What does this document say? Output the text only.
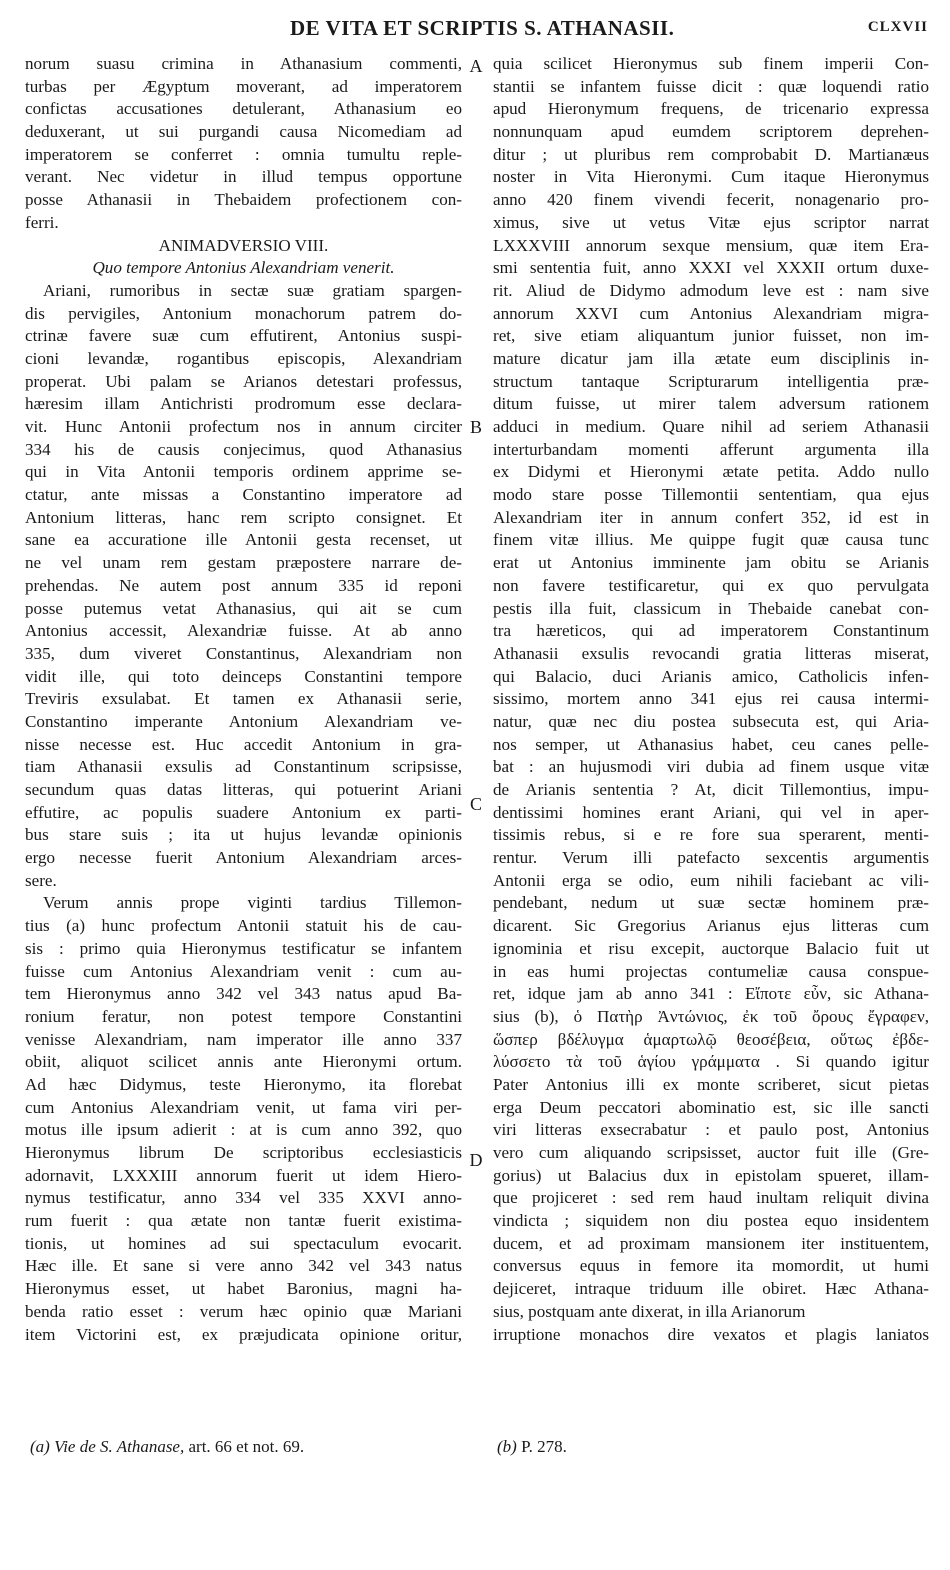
DE VITA ET SCRIPTIS S. ATHANASII.	CLXVII
norum suasu crimina in Athanasium commenti,
turbas per Ægyptum moverant, ad imperatorem
confictas accusationes detulerant, Athanasium eo
deduxerant, ut sui purgandi causa Nicomediam ad
imperatorem se conferret : omnia tumultu reple-
verant. Nec videtur in illud tempus opportune
posse Athanasii in Thebaidem profectionem con-
ferri.
ANIMADVERSIO VIII.
Quo tempore Antonius Alexandriam venerit.
Ariani, rumoribus in sectæ suæ gratiam spargen-
dis pervigiles, Antonium monachorum patrem do-
ctrinæ favere suæ cum effutirent, Antonius suspi-
cioni levandæ, rogantibus episcopis, Alexandriam
properat. Ubi palam se Arianos detestari professus,
hæresim illam Antichristi prodromum esse declara-
vit. Hunc Antonii profectum nos in annum circiter
334 his de causis conjecimus, quod Athanasius
qui in Vita Antonii temporis ordinem apprime se-
ctatur, ante missas a Constantino imperatore ad
Antonium litteras, hanc rem scripto consignet. Et
sane ea accuratione ille Antonii gesta recenset, ut
ne vel unam rem gestam præpostere narrare de-
prehendas. Ne autem post annum 335 id reponi
posse putemus vetat Athanasius, qui ait se cum
Antonius accessit, Alexandriæ fuisse. At ab anno
335, dum viveret Constantinus, Alexandriam non
vidit ille, qui toto deinceps Constantini tempore
Treviris exsulabat. Et tamen ex Athanasii serie,
Constantino imperante Antonium Alexandriam ve-
nisse necesse est. Huc accedit Antonium in gra-
tiam Athanasii exsulis ad Constantinum scripsisse,
secundum quas datas litteras, qui potuerint Ariani
effutire, ac populis suadere Antonium ex parti-
bus stare suis ; ita ut hujus levandæ opinionis
ergo necesse fuerit Antonium Alexandriam arces-
sere.
Verum annis prope viginti tardius Tillemon-
tius (a) hunc profectum Antonii statuit his de cau-
sis : primo quia Hieronymus testificatur se infantem
fuisse cum Antonius Alexandriam venit : cum au-
tem Hieronymus anno 342 vel 343 natus apud Ba-
ronium feratur, non potest tempore Constantini
venisse Alexandriam, nam imperator ille anno 337
obiit, aliquot scilicet annis ante Hieronymi ortum.
Ad hæc Didymus, teste Hieronymo, ita florebat
cum Antonius Alexandriam venit, ut fama viri per-
motus ille ipsum adierit : at is cum anno 392, quo
Hieronymus librum De scriptoribus ecclesiasticis
adornavit, LXXXIII annorum fuerit ut idem Hiero-
nymus testificatur, anno 334 vel 335 XXVI anno-
rum fuerit : qua ætate non tantæ fuerit existima-
tionis, ut homines ad sui spectaculum evocarit.
Hæc ille. Et sane si vere anno 342 vel 343 natus
Hieronymus esset, ut habet Baronius, magni ha-
benda ratio esset : verum hæc opinio quæ Mariani
item Victorini est, ex præjudicata opinione oritur,
quia scilicet Hieronymus sub finem imperii Con-
stantii se infantem fuisse dicit : quæ loquendi ratio
apud Hieronymum frequens, de tricenario expressa
nonnunquam apud eumdem scriptorem deprehen-
ditur ; ut pluribus rem comprobabit D. Martianæus
noster in Vita Hieronymi. Cum itaque Hieronymus
anno 420 finem vivendi fecerit, nonagenario pro-
ximus, sive ut vetus Vitæ ejus scriptor narrat
LXXXVIII annorum sexque mensium, quæ item Era-
smi sententia fuit, anno XXXI vel XXXII ortum duxe-
rit. Aliud de Didymo admodum leve est : nam sive
annorum XXVI cum Antonius Alexandriam migra-
ret, sive etiam aliquantum junior fuisset, non im-
mature dicatur jam illa ætate eum disciplinis in-
structum tantaque Scripturarum intelligentia præ-
ditum fuisse, ut mirer talem adversum rationem
adduci in medium. Quare nihil ad seriem Athanasii
interturbandam momenti afferunt argumenta illa
ex Didymi et Hieronymi ætate petita. Addo nullo
modo stare posse Tillemontii sententiam, qua ejus
Alexandriam iter in annum confert 352, id est in
finem vitæ illius. Me quippe fugit quæ causa tunc
erat ut Antonius imminente jam obitu se Arianis
non favere testificaretur, qui ex quo pervulgata
pestis illa fuit, classicum in Thebaide canebat con-
tra hæreticos, qui ad imperatorem Constantinum
Athanasii exsulis revocandi gratia litteras miserat,
qui Balacio, duci Arianis amico, Catholicis infen-
sissimo, mortem anno 341 ejus rei causa intermi-
natur, quæ nec diu postea subsecuta est, qui Aria-
nos semper, ut Athanasius habet, ceu canes pelle-
bat : an hujusmodi viri dubia ad finem usque vitæ
de Arianis sententia ? At, dicit Tillemontius, impu-
dentissimi homines erant Ariani, qui vel in aper-
tissimis rebus, si e re fore sua sperarent, menti-
rentur. Verum illi patefacto sexcentis argumentis
Antonii erga se odio, eum nihili faciebant ac vili-
pendebant, nedum ut suæ sectæ hominem præ-
dicarent. Sic Gregorius Arianus ejus litteras cum
ignominia et risu excepit, auctorque Balacio fuit ut
in eas humi projectas contumeliæ causa conspue-
ret, idque jam ab anno 341 : Εἴποτε εὖν, sic Athana-
sius (b), ὁ Πατὴρ Ἀντώνιος, ἐκ τοῦ ὄρους ἔγραφεν,
ὥσπερ βδέλυγμα ἁμαρτωλῷ θεοσέβεια, οὕτως ἐβδε-
λύσσετο τὰ τοῦ ἁγίου γράμματα . Si quando igitur
Pater Antonius illi ex monte scriberet, sicut pietas
erga Deum peccatori abominatio est, sic ille sancti
viri litteras exsecrabatur : et paulo post, Antonius
vero cum aliquando scripsisset, auctor fuit ille (Gre-
gorius) ut Balacius dux in epistolam spueret, illam-
que projiceret : sed rem haud inultam reliquit divina
vindicta ; siquidem non diu postea equo insidentem
ducem, et ad proximam mansionem iter instituentem,
conversus equus in femore ita momordit, ut humi
dejiceret, intraque triduum ille obiret. Hæc Athana-
sius, postquam ante dixerat, in illa Arianorum
irruptione monachos dire vexatos et plagis laniatos
A
B
C
D
(a) Vie de S. Athanase, art. 66 et not. 69.	(b) P. 278.
